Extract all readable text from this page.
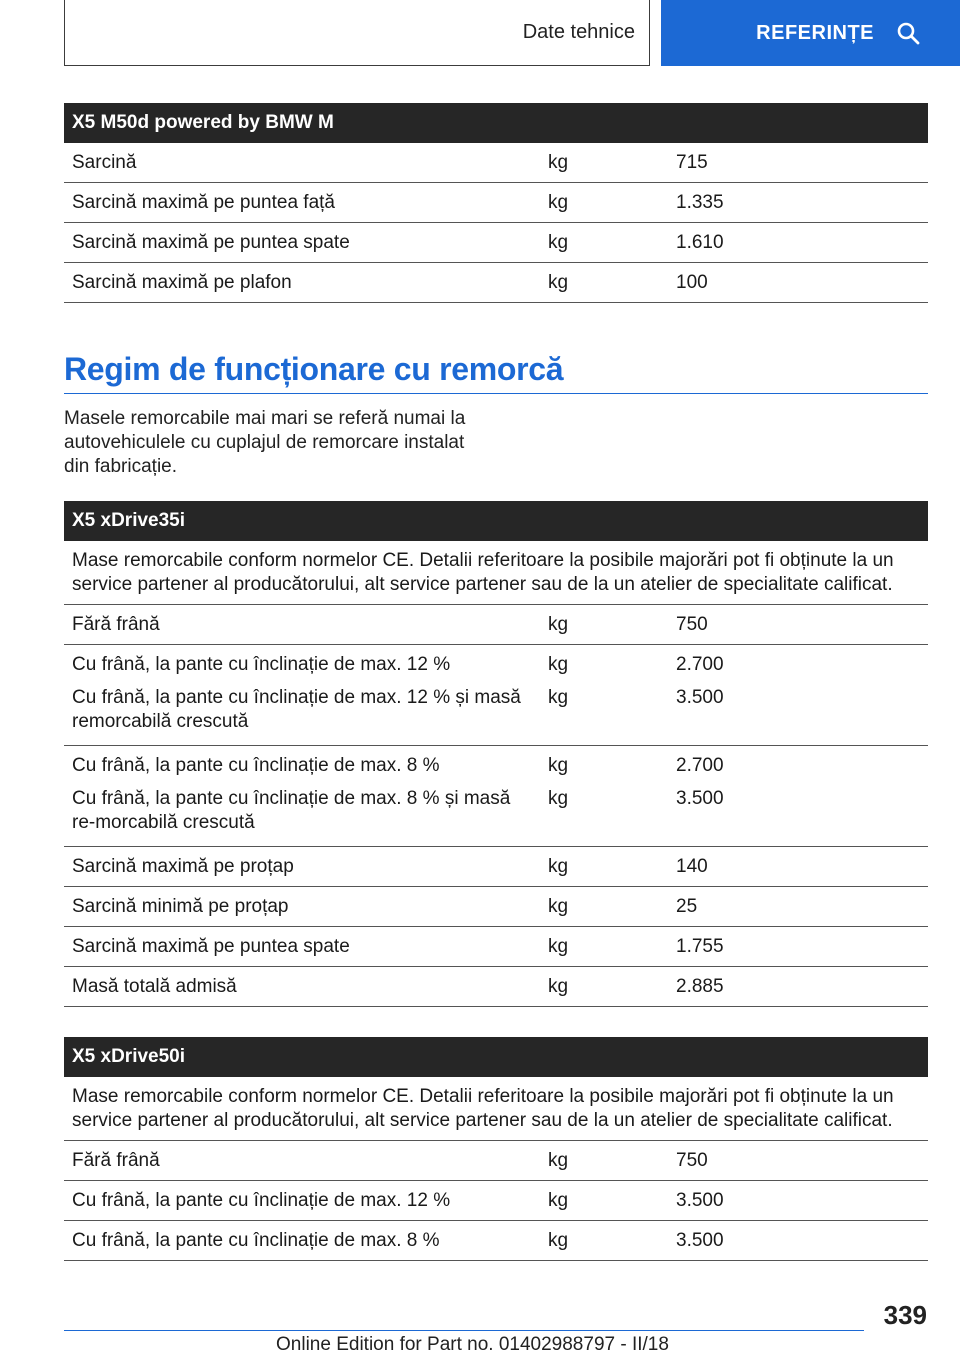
Date tehnice	REFERINȚE
X5 M50d powered by BMW M		
Sarcină	kg	715
Sarcină maximă pe puntea față	kg	1.335
Sarcină maximă pe puntea spate	kg	1.610
Sarcină maximă pe plafon	kg	100
Regim de funcționare cu remorcă

Masele remorcabile mai mari se referă numai la autovehiculele cu cuplajul de remorcare instalat din fabricație.

X5 xDrive35i		
Mase remorcabile conform normelor CE. Detalii referitoare la posibile majorări pot fi obținute la un service partener al producătorului, alt service partener sau de la un atelier de specialitate calificat.		
Fără frână	kg	750
Cu frână, la pante cu înclinație de max. 12 %	kg	2.700
Cu frână, la pante cu înclinație de max. 12 % și masă remorcabilă crescută	kg	3.500
Cu frână, la pante cu înclinație de max. 8 %	kg	2.700
Cu frână, la pante cu înclinație de max. 8 % și masă re-morcabilă crescută	kg	3.500
Sarcină maximă pe proțap	kg	140
Sarcină minimă pe proțap	kg	25
Sarcină maximă pe puntea spate	kg	1.755
Masă totală admisă	kg	2.885
X5 xDrive50i		
Mase remorcabile conform normelor CE. Detalii referitoare la posibile majorări pot fi obținute la un service partener al producătorului, alt service partener sau de la un atelier de specialitate calificat.		
Fără frână	kg	750
Cu frână, la pante cu înclinație de max. 12 %	kg	3.500
Cu frână, la pante cu înclinație de max. 8 %	kg	3.500
339
Online Edition for Part no. 01402988797 - II/18
